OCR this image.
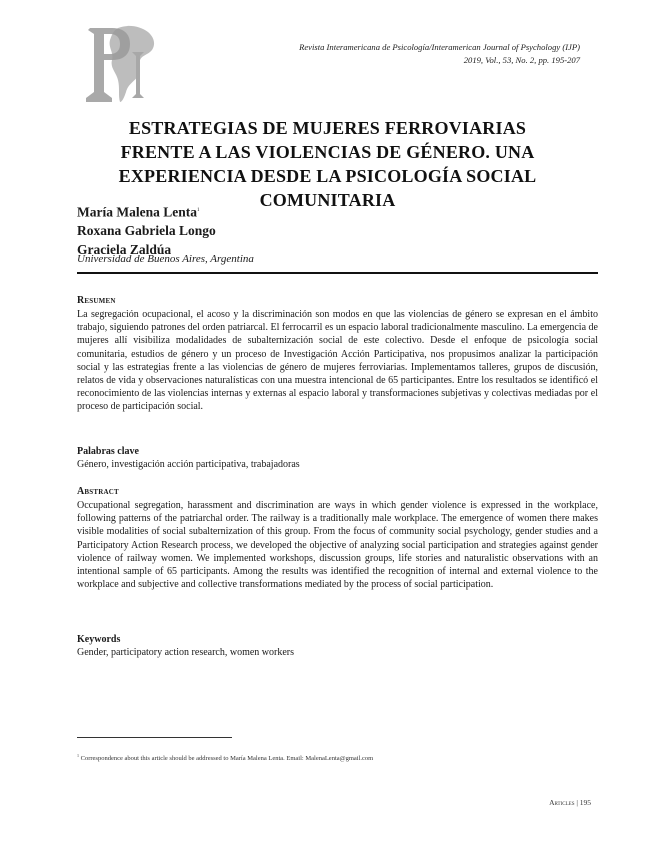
Revista Interamericana de Psicología/Interamerican Journal of Psychology (IJP)
2019, Vol., 53, No. 2, pp. 195-207
ESTRATEGIAS DE MUJERES FERROVIARIAS FRENTE A LAS VIOLENCIAS DE GÉNERO. UNA EXPERIENCIA DESDE LA PSICOLOGÍA SOCIAL COMUNITARIA
María Malena Lenta$^1$
Roxana Gabriela Longo
Graciela Zaldúa
Universidad de Buenos Aires, Argentina
Resumen

La segregación ocupacional, el acoso y la discriminación son modos en que las violencias de género se expresan en el ámbito trabajo, siguiendo patrones del orden patriarcal. El ferrocarril es un espacio laboral tradicionalmente masculino. La emergencia de mujeres allí visibiliza modalidades de subalternización social de este colectivo. Desde el enfoque de psicología social comunitaria, estudios de género y un proceso de Investigación Acción Participativa, nos propusimos analizar la participación social y las estrategias frente a las violencias de género de mujeres ferroviarias. Implementamos talleres, grupos de discusión, relatos de vida y observaciones naturalísticas con una muestra intencional de 65 participantes. Entre los resultados se identificó el reconocimiento de las violencias internas y externas al espacio laboral y transformaciones subjetivas y colectivas mediadas por el proceso de participación social.

Palabras clave
Género, investigación acción participativa, trabajadoras
Abstract

Occupational segregation, harassment and discrimination are ways in which gender violence is expressed in the workplace, following patterns of the patriarchal order. The railway is a traditionally male workplace. The emergence of women there makes visible modalities of social subalternization of this group. From the focus of community social psychology, gender studies and a Participatory Action Research process, we developed the objective of analyzing social participation and strategies against gender violence of railway women. We implemented workshops, discussion groups, life stories and naturalistic observations with an intentional sample of 65 participants. Among the results was identified the recognition of internal and external violence to the workplace and subjective and collective transformations mediated by the process of social participation.

Keywords
Gender, participatory action research, women workers
$^1$ Correspondence about this article should be addressed to María Malena Lenta. Email: MalenaLenta@gmail.com
Articles | 195
